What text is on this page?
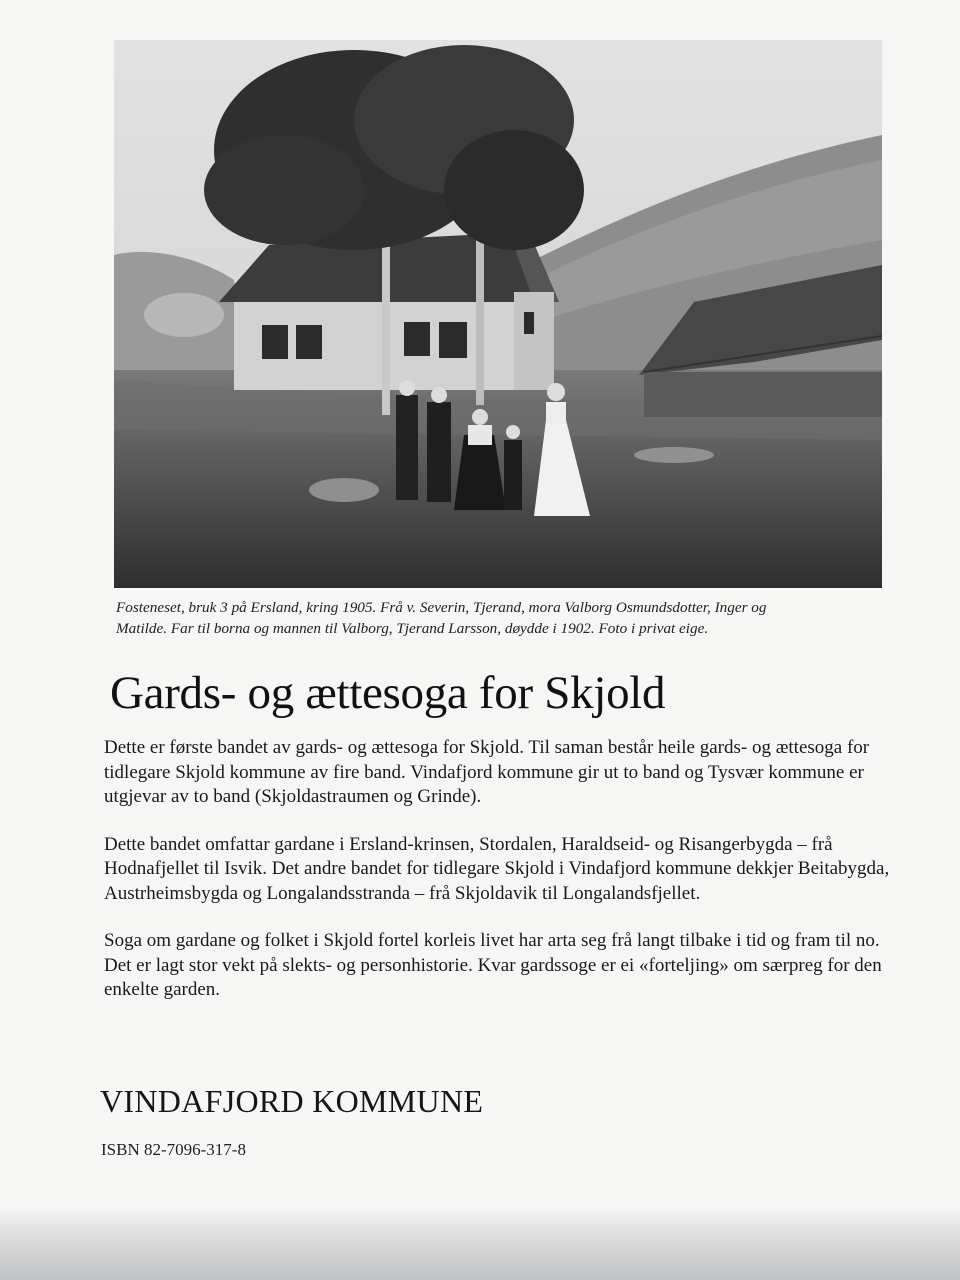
Fosteneset, bruk 3 på Ersland, kring 1905. Frå v. Severin, Tjerand, mora Valborg Osmundsdotter, Inger og

Matilde. Far til borna og mannen til Valborg, Tjerand Larsson, døydde i 1902. Foto i privat eige.

Gards- og ættesoga for Skjold

Dette er første bandet av gards- og ættesoga for Skjold. Til saman består heile gards- og ættesoga for tidlegare Skjold kommune av fire band. Vindafjord kommune gir ut to band og Tysvær kommune er utgjevar av to band (Skjoldastraumen og Grinde).

Dette bandet omfattar gardane i Ersland-krinsen, Stordalen, Haraldseid- og Risangerbygda – frå Hodnafjellet til Isvik. Det andre bandet for tidlegare Skjold i Vindafjord kommune dekkjer Beitabygda, Austrheimsbygda og Longalandsstranda – frå Skjoldavik til Longalandsfjellet.

Soga om gardane og folket i Skjold fortel korleis livet har arta seg frå langt tilbake i tid og fram til no. Det er lagt stor vekt på slekts- og personhistorie. Kvar gardssoge er ei «forteljing» om særpreg for den enkelte garden.

VINDAFJORD KOMMUNE
ISBN 82-7096-317-8
